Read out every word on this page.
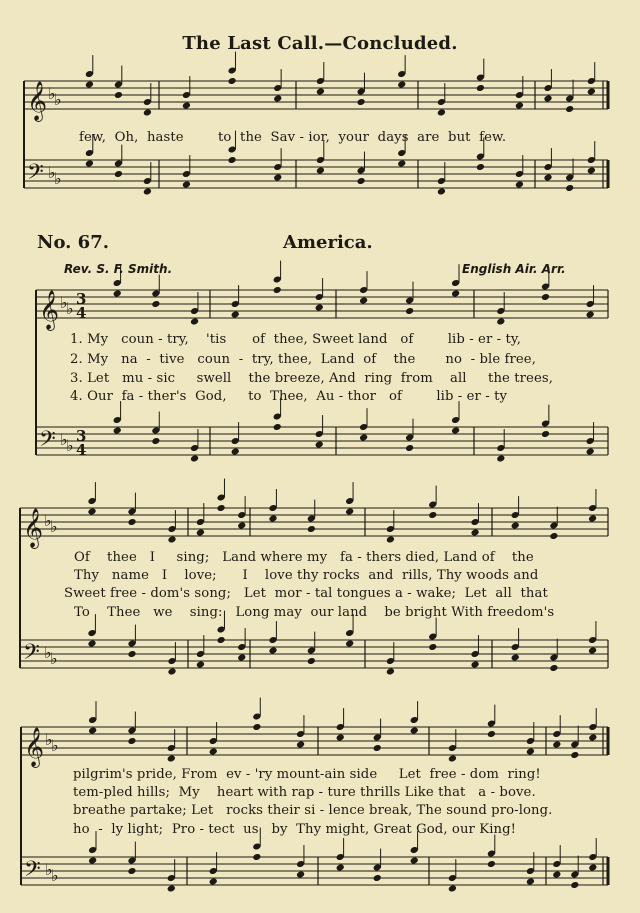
The Last Call.—Concluded.
𝄞 ♭
♭
𝄢 ♭
♭
𝄞 ♭
♭ 3
4
𝄢 ♭
♭ 3
4
𝄞 ♭
♭
𝄢 ♭
♭
𝄞 ♭
♭
𝄢 ♭
♭
few,  Oh,  haste        to  the  Sav - ior,  your  days  are  but  few.
No. 67.	America.
Rev. S. F. Smith.	English Air. Arr.
1. My   coun - try,    'tis      of  thee, Sweet land   of        lib - er - ty,
2. My   na  -  tive   coun  -  try, thee,  Land  of    the       no  - ble free,
3. Let   mu - sic     swell    the breeze, And  ring  from    all     the trees,
4. Our  fa - ther's  God,     to  Thee,  Au - thor   of        lib - er - ty
Of    thee   I     sing;   Land where my   fa - thers died, Land of    the
Thy   name   I    love;      I    love thy rocks  and  rills, Thy woods and
Sweet free - dom's song;   Let  mor - tal tongues a - wake;  Let  all  that
To    Thee   we    sing:   Long may  our land    be bright With freedom's
pilgrim's pride, From  ev - 'ry mount-ain side     Let  free - dom  ring!
tem-pled hills;  My    heart with rap - ture thrills Like that   a - bove.
breathe partake; Let   rocks their si - lence break, The sound pro-long.
ho  -  ly light;  Pro - tect  us   by  Thy might, Great God, our King!
